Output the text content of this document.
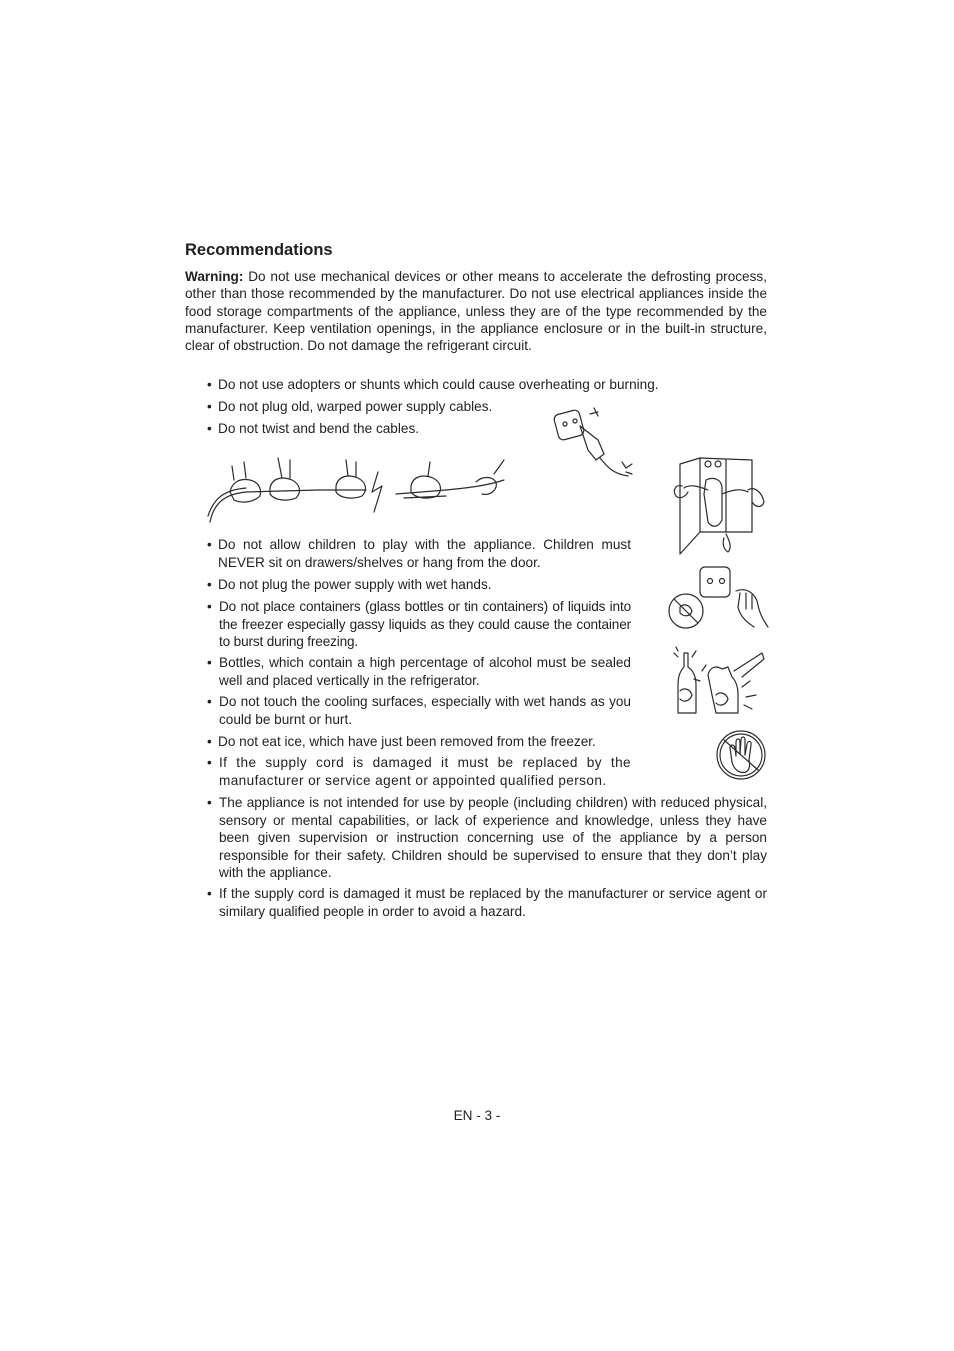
Recommendations

Warning: Do not use mechanical devices or other means to accelerate the defrosting process, other than those recommended by the manufacturer. Do not use electrical appliances inside the food storage compartments of the appliance, unless they are of the type recommended by the manufacturer. Keep ventilation openings, in the appliance enclosure or in the built-in structure, clear of obstruction. Do not damage the refrigerant circuit.

• Do not use adopters or shunts which could cause overheating or burning.
• Do not plug old, warped power supply cables.
• Do not twist and bend the cables.
• Do not allow children to play with the appliance. Children must NEVER sit on drawers/shelves or hang from the door.
• Do not plug the power supply with wet hands.
• Do not place containers (glass bottles or tin containers) of liquids into the freezer especially gassy liquids as they could cause the container to burst during freezing.
• Bottles, which contain a high percentage of alcohol must be sealed well and placed vertically in the refrigerator.
• Do not touch the cooling surfaces, especially with wet hands as you could be burnt or hurt.
• Do not eat ice, which have just been removed from the freezer.
• If the supply cord is damaged it must be replaced by the manufacturer or service agent or appointed qualified person.
• The appliance is not intended for use by people (including children) with reduced physical, sensory or mental capabilities, or lack of experience and knowledge, unless they have been given supervision or instruction concerning use of the appliance by a person responsible for their safety. Children should be supervised to ensure that they don’t play with the appliance.
• If the supply cord is damaged it must be replaced by the manufacturer or service agent or similary qualified people in order to avoid a hazard.
EN - 3 -
